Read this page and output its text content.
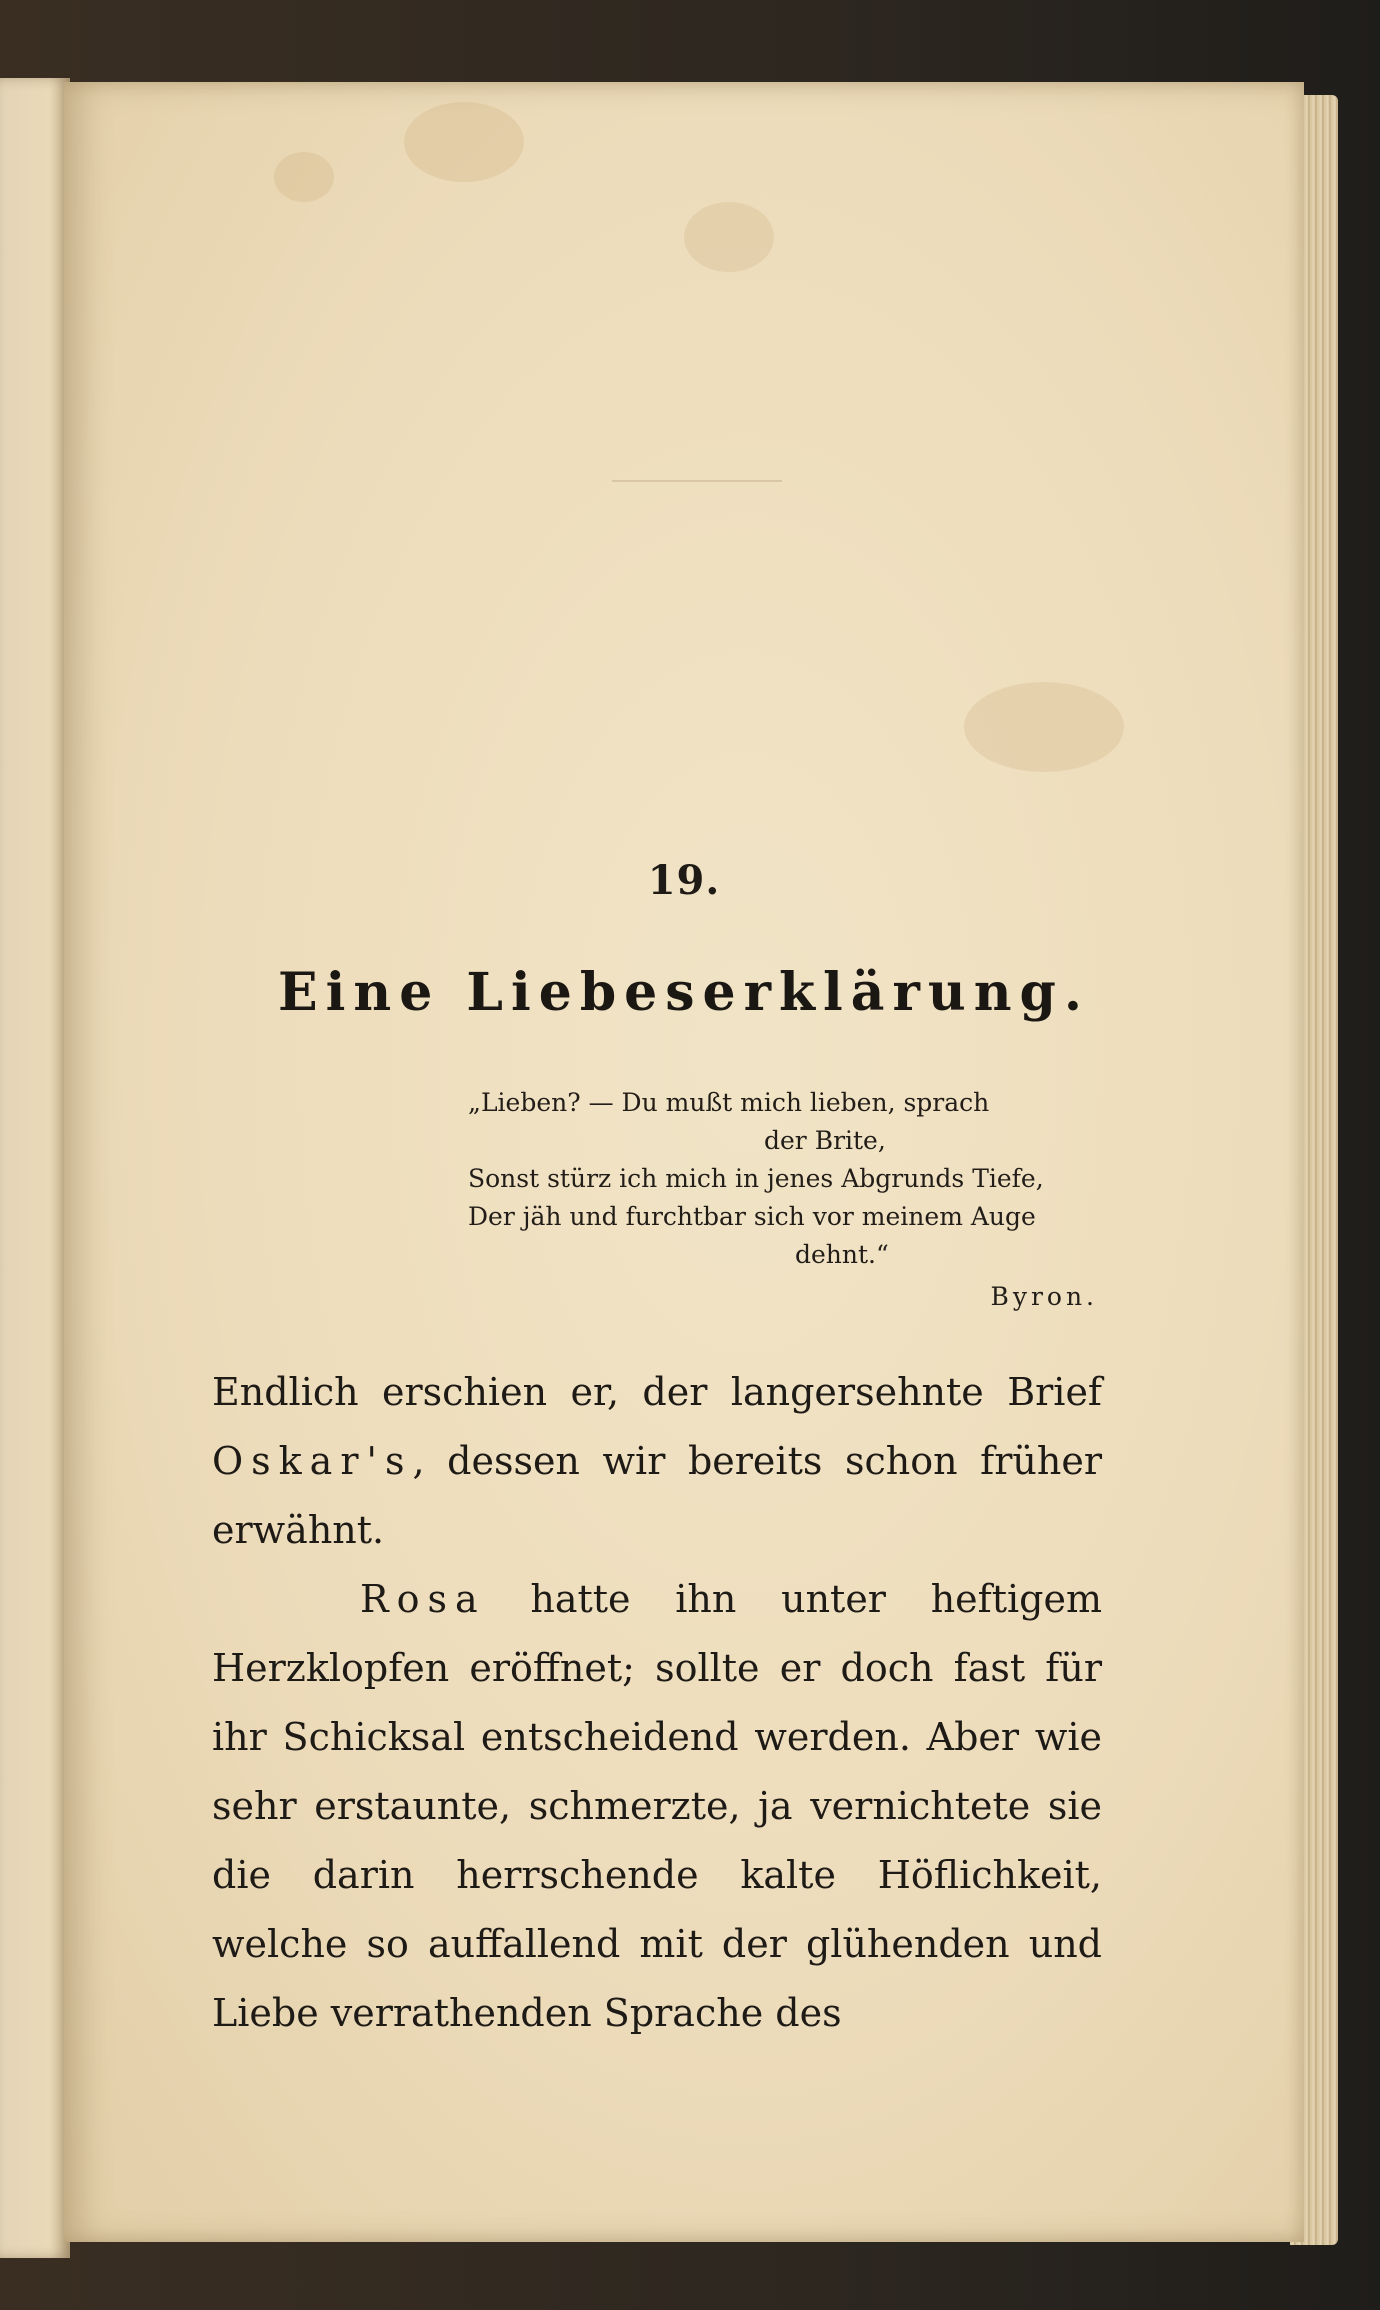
19.
Eine Liebeserklärung.
„Lieben? — Du mußt mich lieben, sprach
der Brite,
Sonst stürz ich mich in jenes Abgrunds Tiefe,
Der jäh und furchtbar sich vor meinem Auge
dehnt.“
Byron.

Endlich erschien er, der langersehnte Brief Oskar's, dessen wir bereits schon früher erwähnt.

Rosa hatte ihn unter heftigem Herzklopfen eröffnet; sollte er doch fast für ihr Schicksal entscheidend werden. Aber wie sehr erstaunte, schmerzte, ja vernichtete sie die darin herrschende kalte Höflichkeit, welche so auffallend mit der glühenden und Liebe verrathenden Sprache des
